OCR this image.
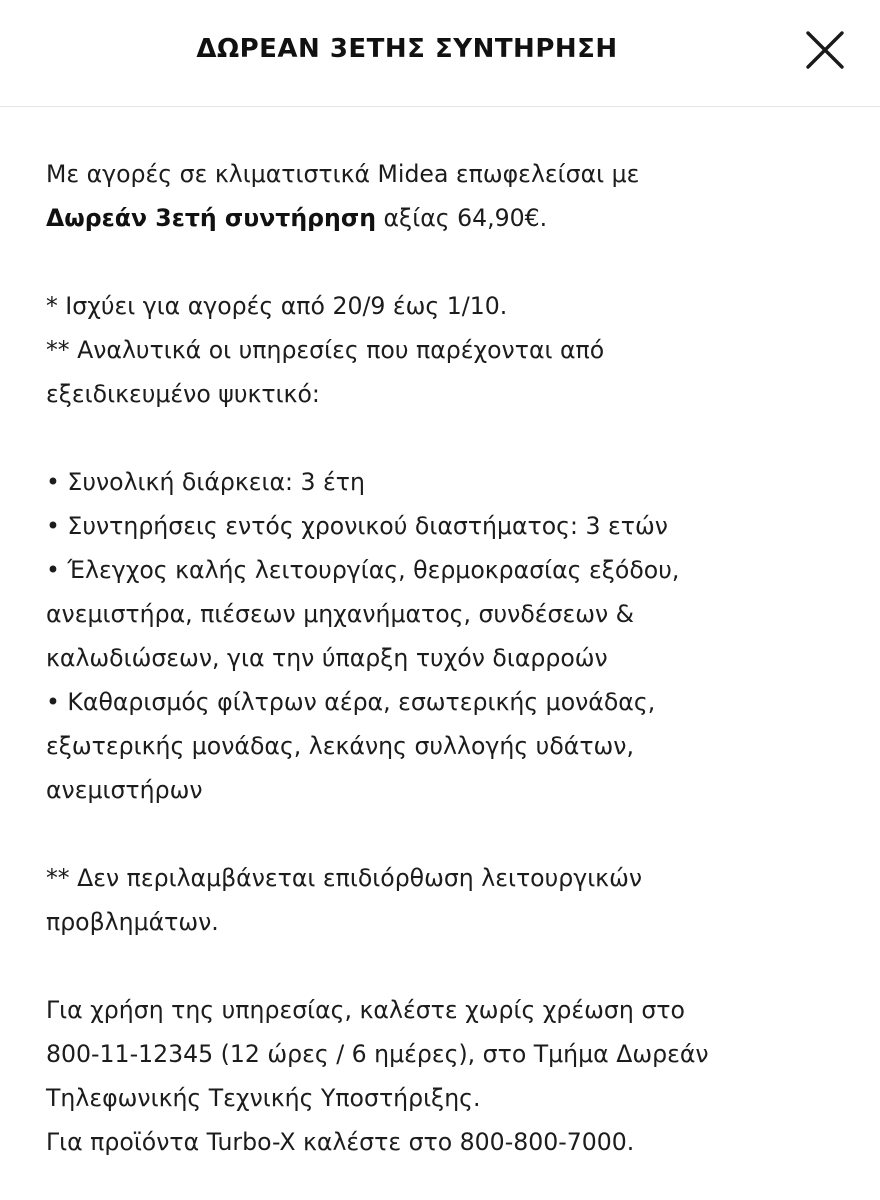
ΔΩΡΕΑΝ 3ΕΤΗΣ ΣΥΝΤΗΡΗΣΗ

Με αγορές σε κλιματιστικά Midea επωφελείσαι με

Δωρεάν 3ετή συντήρηση αξίας 64,90€.

* Ισχύει για αγορές από 20/9 έως 1/10.

** Αναλυτικά οι υπηρεσίες που παρέχονται από

εξειδικευμένο ψυκτικό:

• Συνολική διάρκεια: 3 έτη

• Συντηρήσεις εντός χρονικού διαστήματος: 3 ετών

• Έλεγχος καλής λειτουργίας, θερμοκρασίας εξόδου,

ανεμιστήρα, πιέσεων μηχανήματος, συνδέσεων &

καλωδιώσεων, για την ύπαρξη τυχόν διαρροών

• Καθαρισμός φίλτρων αέρα, εσωτερικής μονάδας,

εξωτερικής μονάδας, λεκάνης συλλογής υδάτων,

ανεμιστήρων

** Δεν περιλαμβάνεται επιδιόρθωση λειτουργικών

προβλημάτων.

Για χρήση της υπηρεσίας, καλέστε χωρίς χρέωση στο

800-11-12345 (12 ώρες / 6 ημέρες), στο Τμήμα Δωρεάν

Τηλεφωνικής Τεχνικής Υποστήριξης.

Για προϊόντα Turbo-X καλέστε στο 800-800-7000.
